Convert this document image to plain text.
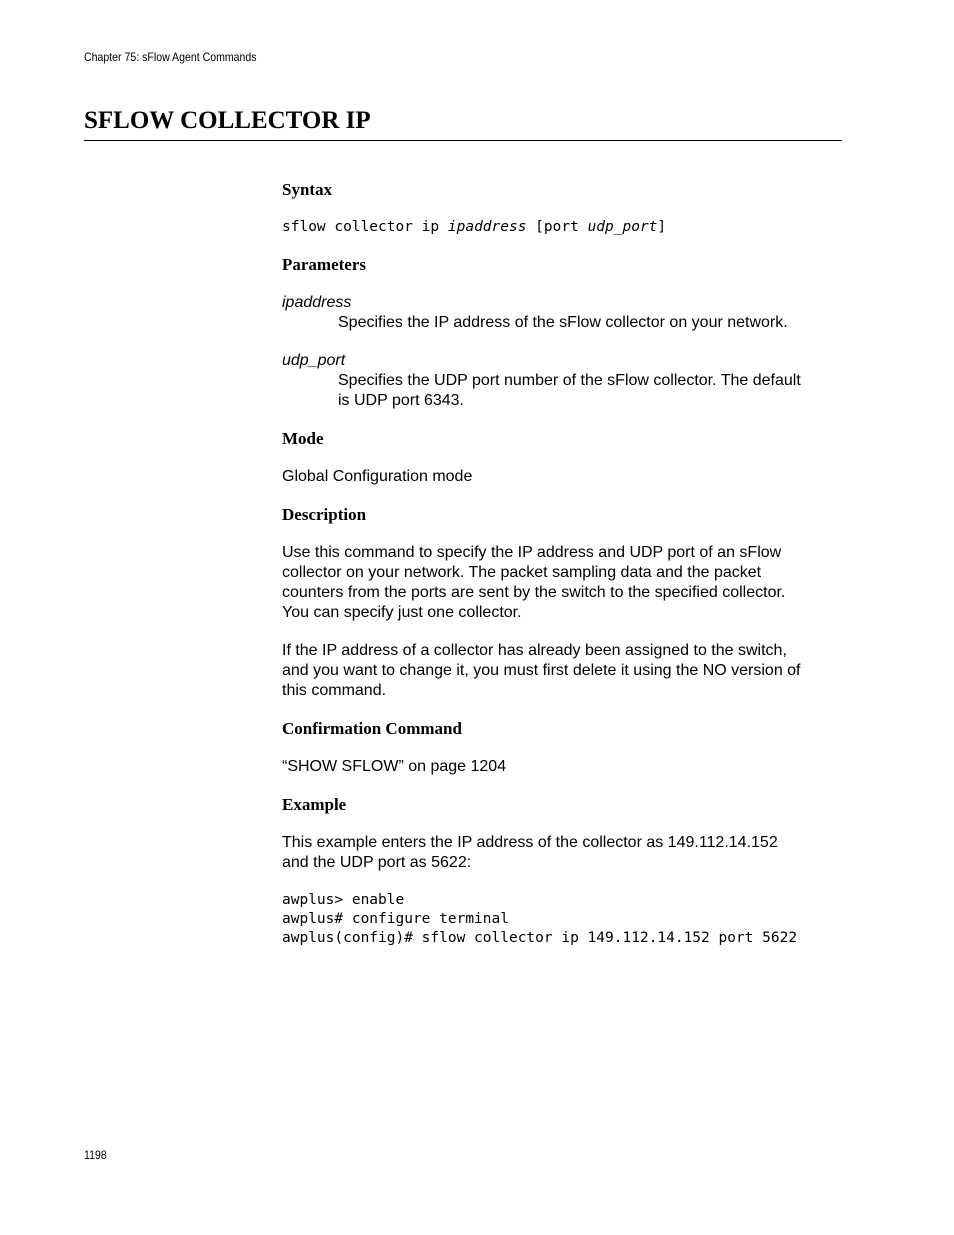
Chapter 75: sFlow Agent Commands
SFLOW COLLECTOR IP
Syntax

sflow collector ip ipaddress [port udp_port]

Parameters

ipaddress

Specifies the IP address of the sFlow collector on your network.

udp_port

Specifies the UDP port number of the sFlow collector. The default

is UDP port 6343.

Mode

Global Configuration mode

Description

Use this command to specify the IP address and UDP port of an sFlow

collector on your network. The packet sampling data and the packet

counters from the ports are sent by the switch to the specified collector.

You can specify just one collector.

If the IP address of a collector has already been assigned to the switch,

and you want to change it, you must first delete it using the NO version of

this command.

Confirmation Command

“SHOW SFLOW” on page 1204

Example

This example enters the IP address of the collector as 149.112.14.152

and the UDP port as 5622:

awplus> enable

awplus# configure terminal

awplus(config)# sflow collector ip 149.112.14.152 port 5622

1198
